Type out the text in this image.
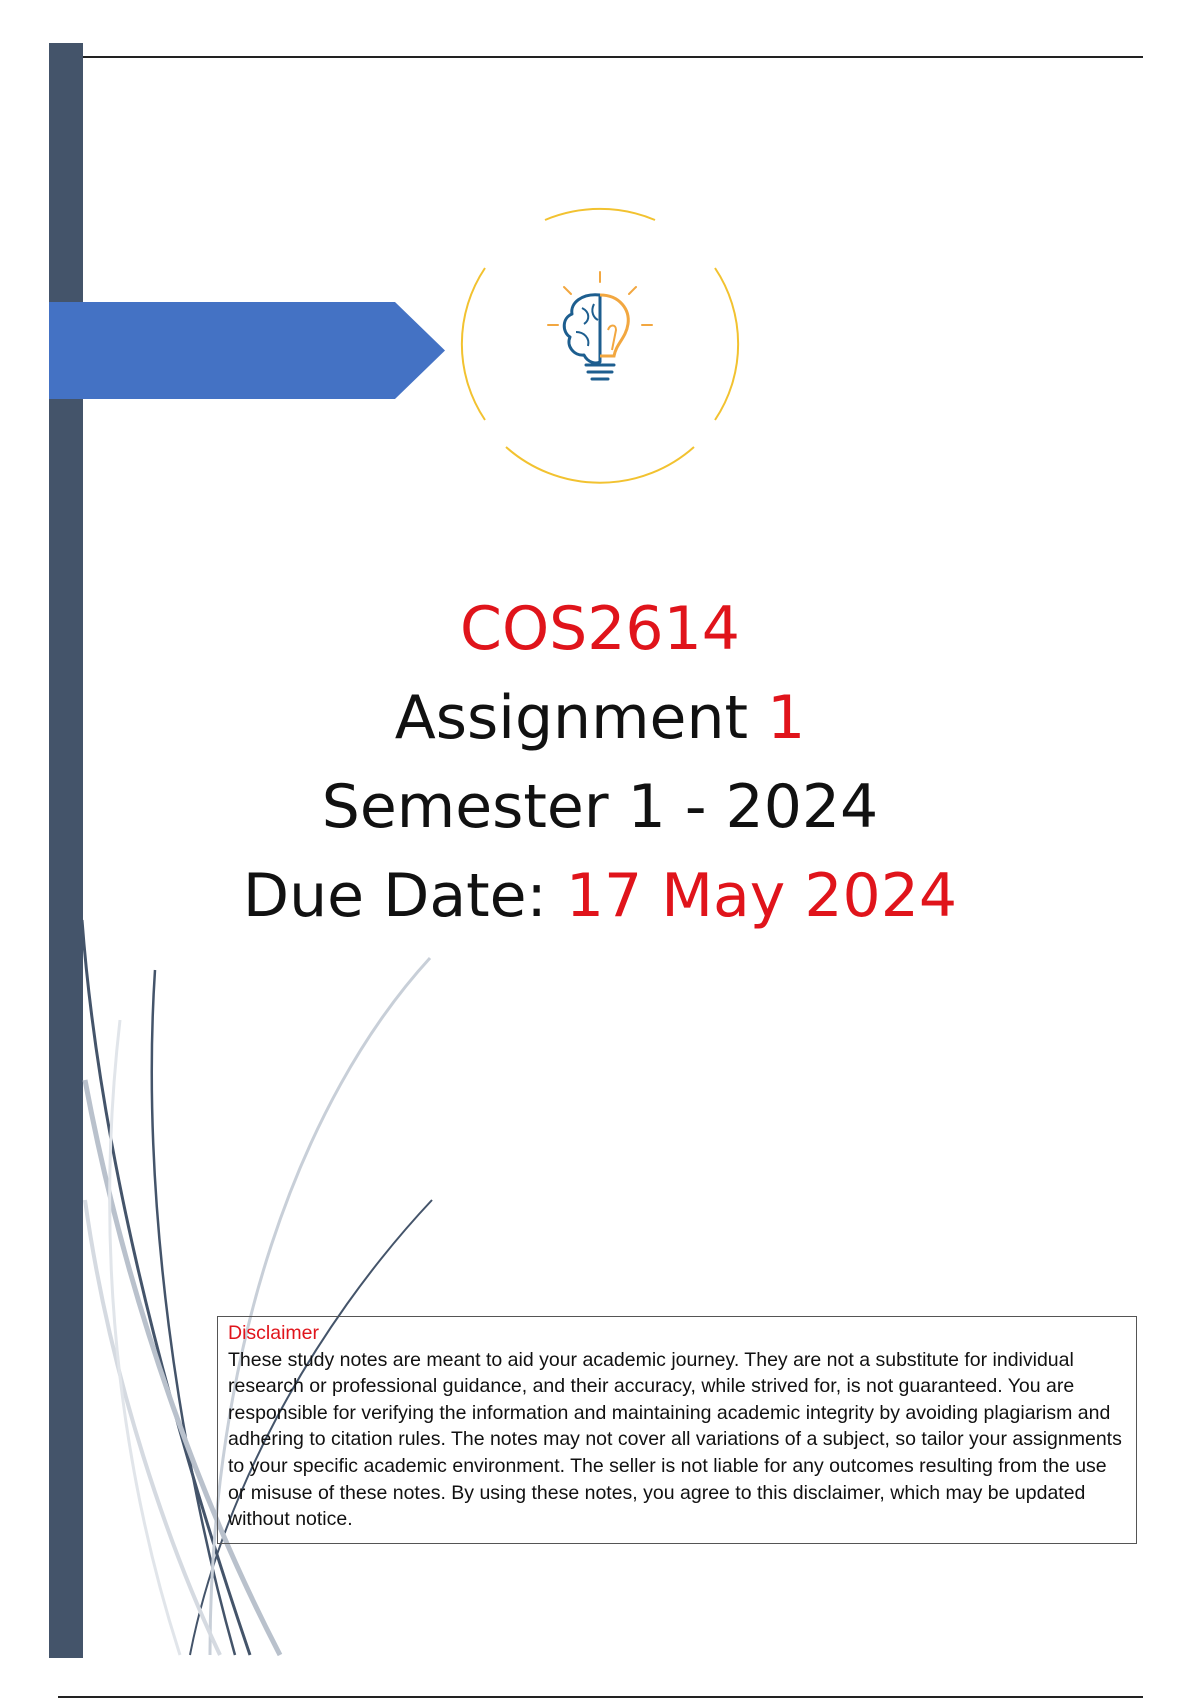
COS2614
Assignment 1
Semester 1 - 2024
Due Date: 17 May 2024
Disclaimer
These study notes are meant to aid your academic journey. They are not a substitute for individual research or professional guidance, and their accuracy, while strived for, is not guaranteed. You are responsible for verifying the information and maintaining academic integrity by avoiding plagiarism and adhering to citation rules. The notes may not cover all variations of a subject, so tailor your assignments to your specific academic environment. The seller is not liable for any outcomes resulting from the use or misuse of these notes. By using these notes, you agree to this disclaimer, which may be updated without notice.
